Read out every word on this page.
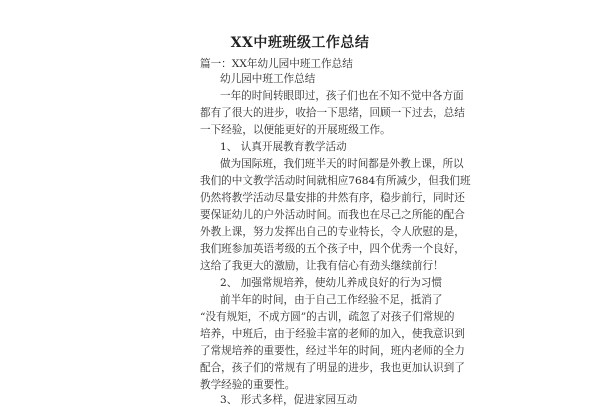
XX中班班级工作总结
篇一：XX年幼儿园中班工作总结
幼儿园中班工作总结
一年的时间转眼即过，孩子们也在不知不觉中各方面
都有了很大的进步，收拾一下思绪，回顾一下过去，总结
一下经验，以便能更好的开展班级工作。
1、 认真开展教育教学活动
做为国际班，我们班半天的时间都是外教上课，所以
我们的中文教学活动时间就相应7684有所减少，但我们班
仍然将教学活动尽量安排的井然有序，稳步前行，同时还
要保证幼儿的户外活动时间。而我也在尽己之所能的配合
外教上课，努力发挥出自己的专业特长，令人欣慰的是，
我们班参加英语考级的五个孩子中，四个优秀一个良好，
这给了我更大的激励，让我有信心有劲头继续前行！
2、 加强常规培养，使幼儿养成良好的行为习惯
前半年的时间，由于自己工作经验不足，抵消了
“没有规矩，不成方圆”的古训，疏忽了对孩子们常规的
培养，中班后，由于经验丰富的老师的加入，使我意识到
了常规培养的重要性，经过半年的时间，班内老师的全力
配合，孩子们的常规有了明显的进步，我也更加认识到了
教学经验的重要性。
3、 形式多样，促进家园互动
